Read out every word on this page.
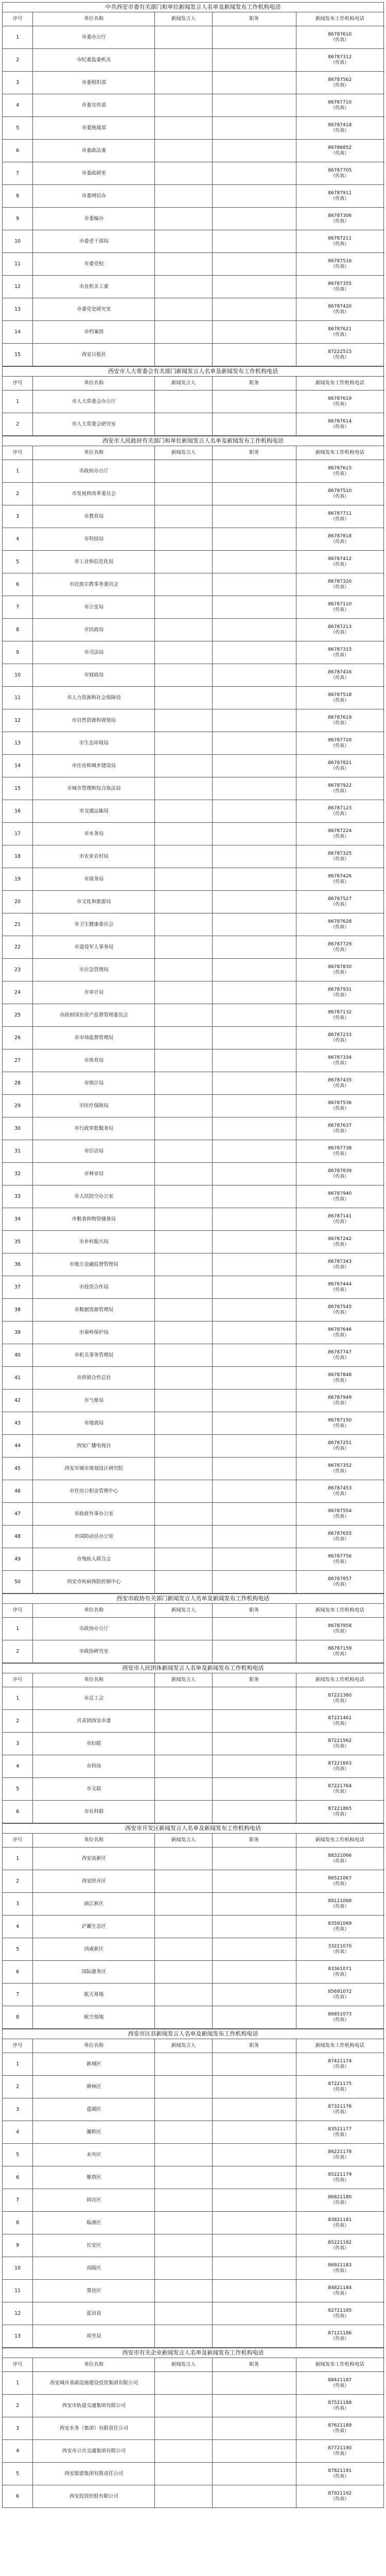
中共西安市委有关部门和单位新闻发言人名单及新闻发布工作机构电话
序号	单位名称	新闻发言人	职务	新闻发布工作机构电话
1	市委办公厅			86787610
（传真）
2	市纪委监委机关			86787312
（传真）
3	市委组织部			86787562
（传真）
4	市委宣传部			86787710
（传真）
5	市委统战部			86787418
（传真）
6	市委政法委			86786852
（传真）
7	市委政研室			86787705
（传真）
8	市委网信办			86787911
（传真）
9	市委编办			86787306
（传真）
10	市委老干部局			86787211
（传真）
11	市委党校			86787516
（传真）
12	市直机关工委			86787355
（传真）
13	市委党史研究室			86787420
（传真）
14	市档案馆			86787621
（传真）
15	西安日报社			87222515
（传真）
西安市人大常委会有关部门新闻发言人名单及新闻发布工作机构电话
序号	单位名称	新闻发言人	职务	新闻发布工作机构电话
1	市人大常委会办公厅			86787619
（传真）
2	市人大常委会研究室			86787614
（传真）
西安市人民政府有关部门和单位新闻发言人名单及新闻发布工作机构电话
序号	单位名称	新闻发言人	职务	新闻发布工作机构电话
1	市政府办公厅			86787615
（传真）
2	市发展和改革委员会			86787510
（传真）
3	市教育局			86787711
（传真）
4	市科技局			86787818
（传真）
5	市工业和信息化局			86787412
（传真）
6	市民族宗教事务委员会			86787320
（传真）
7	市公安局			86787110
（传真）
8	市民政局			86787213
（传真）
9	市司法局			86787315
（传真）
10	市财政局			86787416
（传真）
11	市人力资源和社会保障局			86787518
（传真）
12	市自然资源和规划局			86787619
（传真）
13	市生态环境局			86787720
（传真）
14	市住房和城乡建设局			86787821
（传真）
15	市城市管理和综合执法局			86787922
（传真）
16	市交通运输局			86787123
（传真）
17	市水务局			86787224
（传真）
18	市农业农村局			86787325
（传真）
19	市商务局			86787426
（传真）
20	市文化和旅游局			86787527
（传真）
21	市卫生健康委员会			86787628
（传真）
22	市退役军人事务局			86787729
（传真）
23	市应急管理局			86787830
（传真）
24	市审计局			86787931
（传真）
25	市政府国有资产监督管理委员会			86787132
（传真）
26	市市场监督管理局			86787233
（传真）
27	市体育局			86787334
（传真）
28	市统计局			86787435
（传真）
29	市医疗保障局			86787536
（传真）
30	市行政审批服务局			86787637
（传真）
31	市信访局			86787738
（传真）
32	市林业局			86787839
（传真）
33	市人民防空办公室			86787940
（传真）
34	市粮食和物资储备局			86787141
（传真）
35	市乡村振兴局			86787242
（传真）
36	市地方金融监督管理局			86787343
（传真）
37	市投资合作局			86787444
（传真）
38	市数据资源管理局			86787545
（传真）
39	市秦岭保护局			86787646
（传真）
40	市机关事务管理局			86787747
（传真）
41	市供销合作总社			86787848
（传真）
42	市气象局			86787949
（传真）
43	市地震局			86787150
（传真）
44	西安广播电视台			86787251
（传真）
45	西安市城市规划设计研究院			86787352
（传真）
46	市住房公积金管理中心			86787453
（传真）
47	市政府外事办公室			86787554
（传真）
48	市国防动员办公室			86787655
（传真）
49	市残疾人联合会			86787756
（传真）
50	西安市疾病预防控制中心			86787857
（传真）
西安市政协有关部门新闻发言人名单及新闻发布工作机构电话
序号	单位名称	新闻发言人	职务	新闻发布工作机构电话
1	市政协办公厅			86787958
（传真）
2	市政协研究室			86787159
（传真）
西安市人民团体新闻发言人名单及新闻发布工作机构电话
序号	单位名称	新闻发言人	职务	新闻发布工作机构电话
1	市总工会			87221360
（传真）
2	共青团西安市委			87221461
（传真）
3	市妇联			87221562
（传真）
4	市科协			87221663
（传真）
5	市文联			87221764
（传真）
6	市社科联			87221865
（传真）
西安市开发区新闻发言人名单及新闻发布工作机构电话
序号	单位名称	新闻发言人	职务	新闻发布工作机构电话
1	西安高新区			88321066
（传真）
2	西安经开区			86521067
（传真）
3	曲江新区			89121068
（传真）
4	浐灞生态区			83591069
（传真）
5	西咸新区			33221070
（传真）
6	国际港务区			83361071
（传真）
7	航天基地			85691072
（传真）
8	航空基地			86851073
（传真）
西安市区县新闻发言人名单及新闻发布工作机构电话
序号	单位名称	新闻发言人	职务	新闻发布工作机构电话
1	新城区			87421174
（传真）
2	碑林区			87221175
（传真）
3	莲湖区			87321176
（传真）
4	灞桥区			83521177
（传真）
5	未央区			86221178
（传真）
6	雁塔区			85221179
（传真）
7	阎良区			86821180
（传真）
8	临潼区			83821181
（传真）
9	长安区			85221182
（传真）
10	高陵区			86921183
（传真）
11	鄠邑区			84821184
（传真）
12	蓝田县			82721185
（传真）
13	周至县			87121186
（传真）
西安市有关企业新闻发言人名单及新闻发布工作机构电话
序号	单位名称	新闻发言人	职务	新闻发布工作机构电话
1	西安城市基础设施建设投资集团有限公司			88421187
（传真）
2	西安市轨道交通集团有限公司			87521188
（传真）
3	西安水务（集团）有限责任公司			87621189
（传真）
4	西安市公共交通集团有限公司			87721190
（传真）
5	西安旅游集团有限责任公司			87821191
（传真）
6	西安投资控股有限公司			87921192
（传真）
